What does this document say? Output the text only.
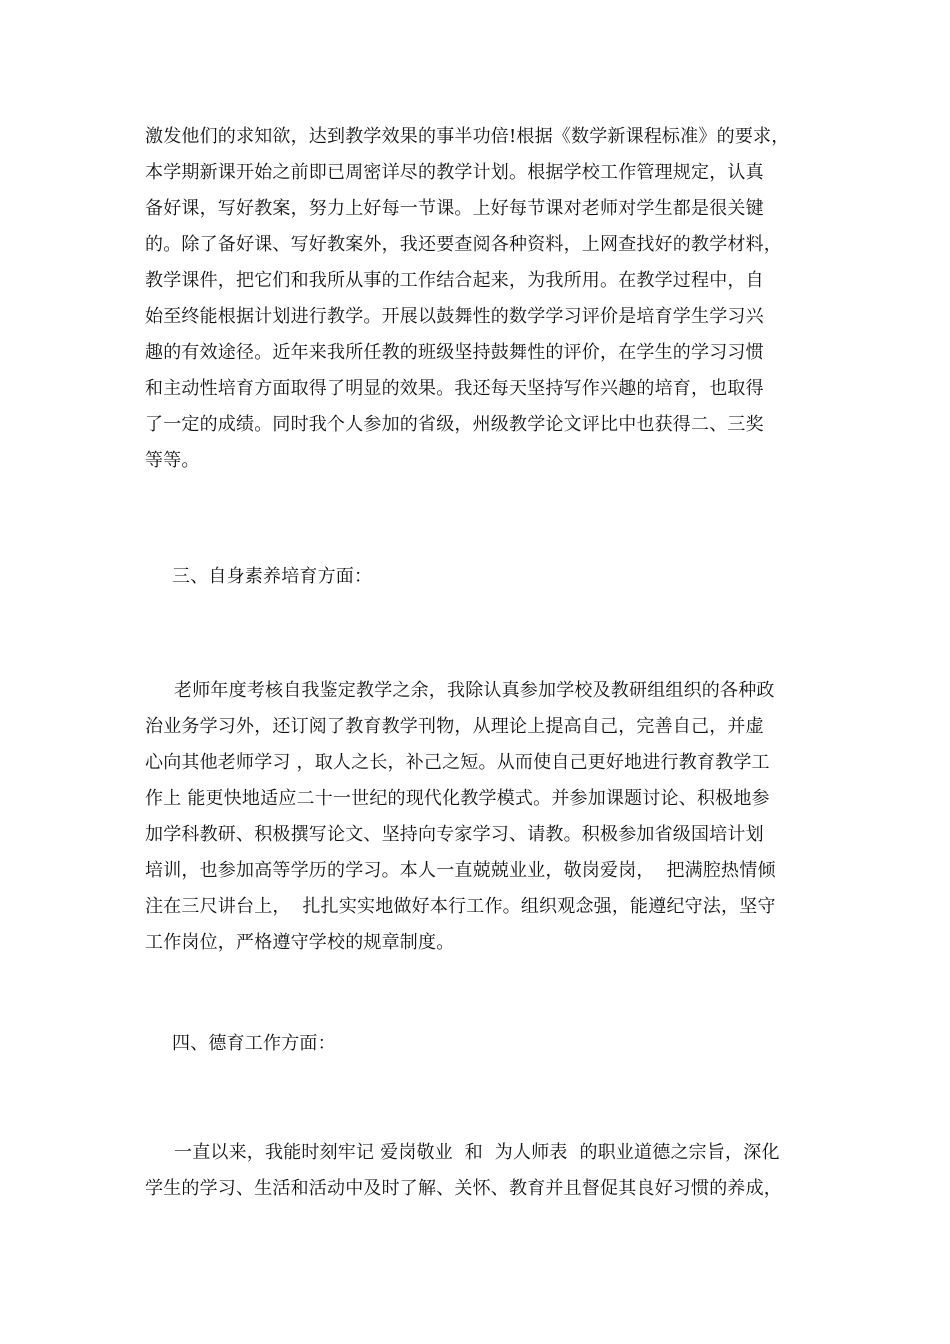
激发他们的求知欲，达到教学效果的事半功倍!根据《数学新课程标准》的要求，
本学期新课开始之前即已周密详尽的教学计划。根据学校工作管理规定，认真
备好课，写好教案，努力上好每一节课。上好每节课对老师对学生都是很关键
的。除了备好课、写好教案外，我还要查阅各种资料，上网查找好的教学材料，
教学课件，把它们和我所从事的工作结合起来，为我所用。在教学过程中，自
始至终能根据计划进行教学。开展以鼓舞性的数学学习评价是培育学生学习兴
趣的有效途径。近年来我所任教的班级坚持鼓舞性的评价，在学生的学习习惯
和主动性培育方面取得了明显的效果。我还每天坚持写作兴趣的培育，也取得
了一定的成绩。同时我个人参加的省级，州级教学论文评比中也获得二、三奖
等等。
三、自身素养培育方面：
老师年度考核自我鉴定教学之余，我除认真参加学校及教研组组织的各种政
治业务学习外，还订阅了教育教学刊物，从理论上提高自己，完善自己，并虚
心向其他老师学习 ，取人之长，补己之短。从而使自己更好地进行教育教学工
作上 能更快地适应二十一世纪的现代化教学模式。并参加课题讨论、积极地参
加学科教研、积极撰写论文、坚持向专家学习、请教。积极参加省级国培计划
培训，也参加高等学历的学习。本人一直兢兢业业，敬岗爱岗，  把满腔热情倾
注在三尺讲台上，  扎扎实实地做好本行工作。组织观念强，能遵纪守法，坚守
工作岗位，严格遵守学校的规章制度。
四、德育工作方面：
一直以来，我能时刻牢记 爱岗敬业  和  为人师表  的职业道德之宗旨，深化
学生的学习、生活和活动中及时了解、关怀、教育并且督促其良好习惯的养成，
